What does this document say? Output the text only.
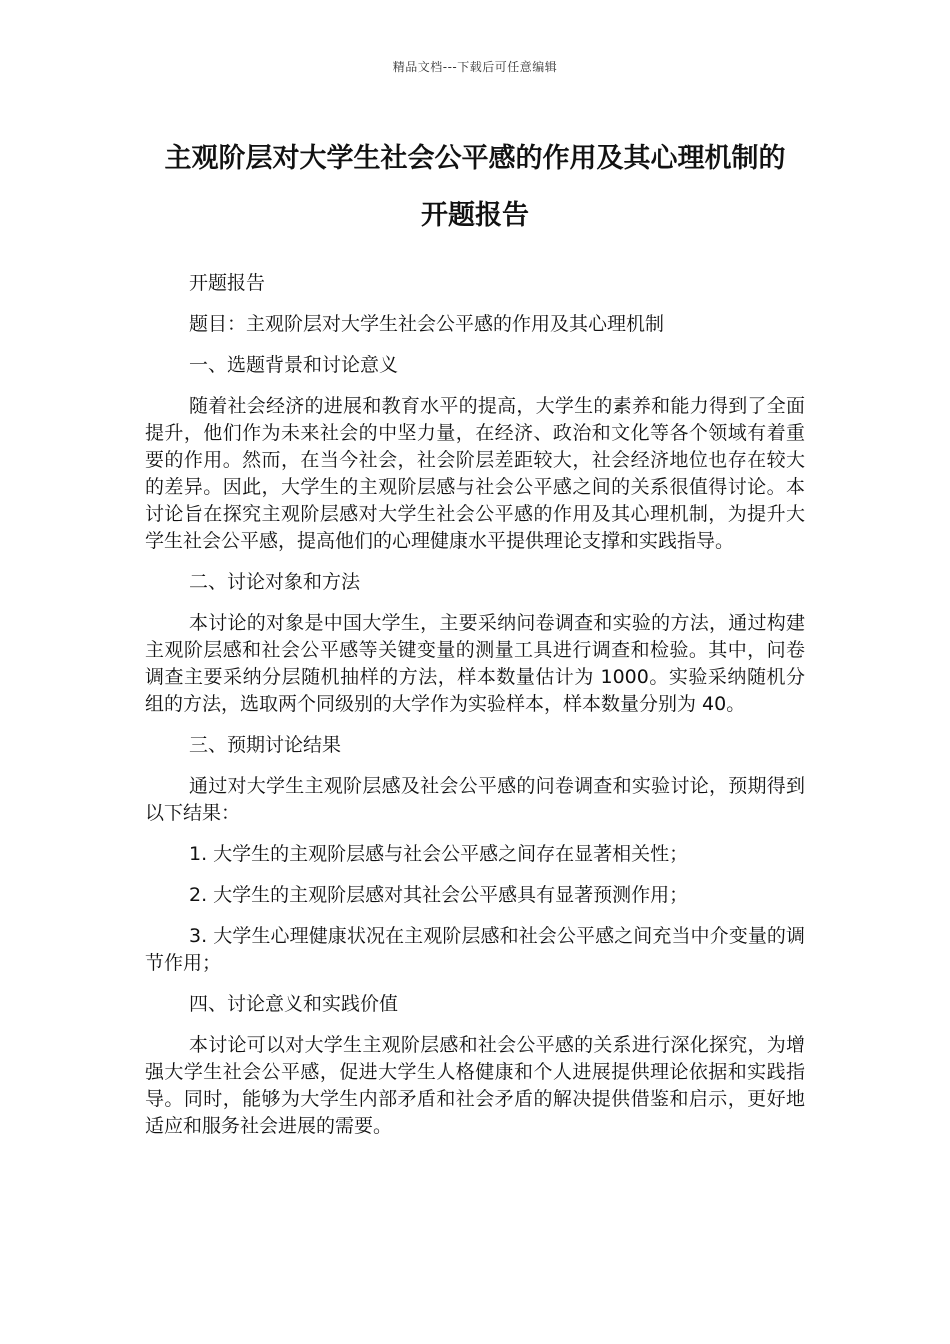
精品文档---下载后可任意编辑
主观阶层对大学生社会公平感的作用及其心理机制的
开题报告

开题报告

题目：主观阶层对大学生社会公平感的作用及其心理机制

一、选题背景和讨论意义

随着社会经济的进展和教育水平的提高，大学生的素养和能力得到了全面提升，他们作为未来社会的中坚力量，在经济、政治和文化等各个领域有着重要的作用。然而，在当今社会，社会阶层差距较大，社会经济地位也存在较大的差异。因此，大学生的主观阶层感与社会公平感之间的关系很值得讨论。本讨论旨在探究主观阶层感对大学生社会公平感的作用及其心理机制，为提升大学生社会公平感，提高他们的心理健康水平提供理论支撑和实践指导。

二、讨论对象和方法

本讨论的对象是中国大学生，主要采纳问卷调查和实验的方法，通过构建主观阶层感和社会公平感等关键变量的测量工具进行调查和检验。其中，问卷调查主要采纳分层随机抽样的方法，样本数量估计为 1000。实验采纳随机分组的方法，选取两个同级别的大学作为实验样本，样本数量分别为 40。

三、预期讨论结果

通过对大学生主观阶层感及社会公平感的问卷调查和实验讨论，预期得到以下结果：

1. 大学生的主观阶层感与社会公平感之间存在显著相关性；

2. 大学生的主观阶层感对其社会公平感具有显著预测作用；

3. 大学生心理健康状况在主观阶层感和社会公平感之间充当中介变量的调节作用；

四、讨论意义和实践价值

本讨论可以对大学生主观阶层感和社会公平感的关系进行深化探究，为增强大学生社会公平感，促进大学生人格健康和个人进展提供理论依据和实践指导。同时，能够为大学生内部矛盾和社会矛盾的解决提供借鉴和启示，更好地适应和服务社会进展的需要。
